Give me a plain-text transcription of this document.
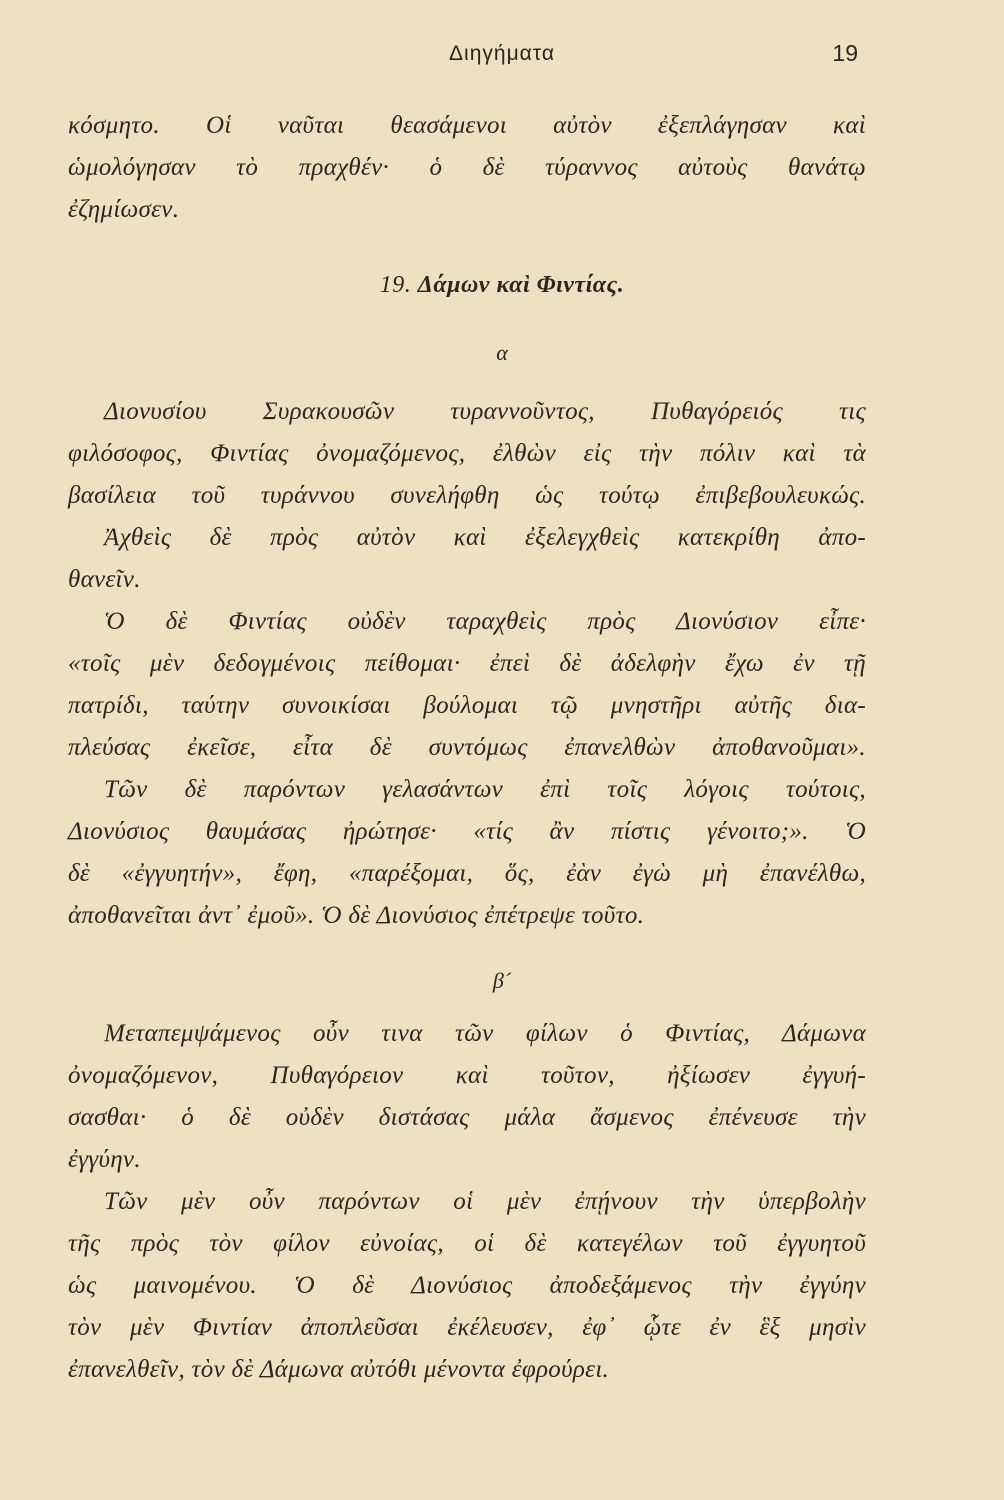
Διηγήματα	19
κόσμητο. Οἱ ναῦται θεασάμενοι αὐτὸν ἐξεπλάγησαν καὶ
ὡμολόγησαν τὸ πραχθέν· ὁ δὲ τύραννος αὐτοὺς θανάτῳ
ἐζημίωσεν.
19. Δάμων καὶ Φιντίας.
α
Διονυσίου Συρακουσῶν τυραννοῦντος, Πυθαγόρειός τις
φιλόσοφος, Φιντίας ὀνομαζόμενος, ἐλθὼν εἰς τὴν πόλιν καὶ τὰ
βασίλεια τοῦ τυράννου συνελήφθη ὡς τούτῳ ἐπιβεβουλευκώς.
Ἀχθεὶς δὲ πρὸς αὐτὸν καὶ ἐξελεγχθεὶς κατεκρίθη ἀπο-
θανεῖν.
Ὁ δὲ Φιντίας οὐδὲν ταραχθεὶς πρὸς Διονύσιον εἶπε·
«τοῖς μὲν δεδογμένοις πείθομαι· ἐπεὶ δὲ ἀδελφὴν ἔχω ἐν τῇ
πατρίδι, ταύτην συνοικίσαι βούλομαι τῷ μνηστῆρι αὐτῆς δια-
πλεύσας ἐκεῖσε, εἶτα δὲ συντόμως ἐπανελθὼν ἀποθανοῦμαι».
Τῶν δὲ παρόντων γελασάντων ἐπὶ τοῖς λόγοις τούτοις,
Διονύσιος θαυμάσας ἠρώτησε· «τίς ἂν πίστις γένοιτο;». Ὁ
δὲ «ἐγγυητήν», ἔφη, «παρέξομαι, ὅς, ἐὰν ἐγὼ μὴ ἐπανέλθω,
ἀποθανεῖται ἀντ᾽ ἐμοῦ». Ὁ δὲ Διονύσιος ἐπέτρεψε τοῦτο.
β´
Μεταπεμψάμενος οὖν τινα τῶν φίλων ὁ Φιντίας, Δάμωνα
ὀνομαζόμενον, Πυθαγόρειον καὶ τοῦτον, ἠξίωσεν ἐγγυή-
σασθαι· ὁ δὲ οὐδὲν διστάσας μάλα ἄσμενος ἐπένευσε τὴν
ἐγγύην.
Τῶν μὲν οὖν παρόντων οἱ μὲν ἐπῄνουν τὴν ὑπερβολὴν
τῆς πρὸς τὸν φίλον εὐνοίας, οἱ δὲ κατεγέλων τοῦ ἐγγυητοῦ
ὡς μαινομένου. Ὁ δὲ Διονύσιος ἀποδεξάμενος τὴν ἐγγύην
τὸν μὲν Φιντίαν ἀποπλεῦσαι ἐκέλευσεν, ἐφ᾽ ᾧτε ἐν ἓξ μησὶν
ἐπανελθεῖν, τὸν δὲ Δάμωνα αὐτόθι μένοντα ἐφρούρει.
